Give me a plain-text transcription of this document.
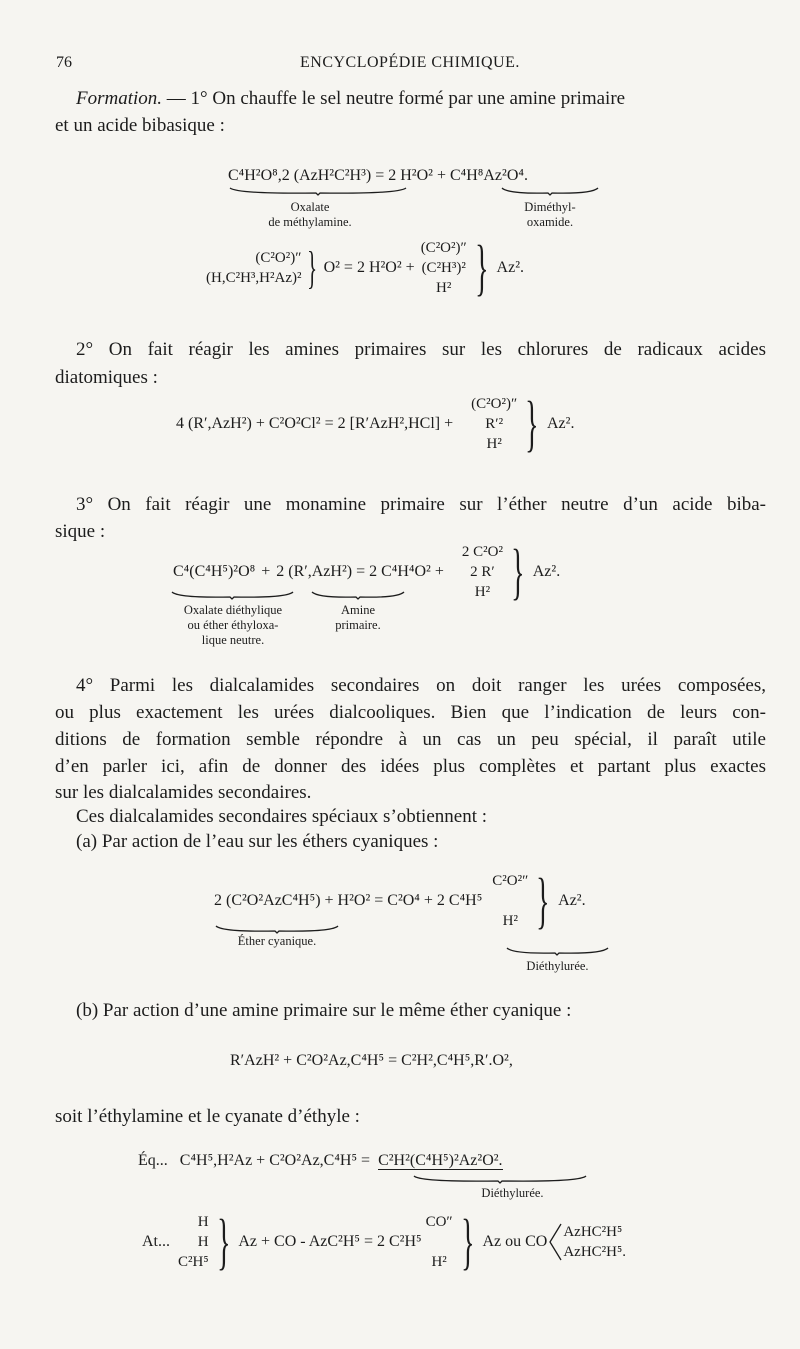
76	ENCYCLOPÉDIE CHIMIQUE.
Formation. — 1° On chauffe le sel neutre formé par une amine primaire
et un acide bibasique :
C⁴H²O⁸,2 (AzH²C²H³) = 2 H²O² + C⁴H⁸Az²O⁴.
Oxalate
de méthylamine.
Diméthyl-
oxamide.
(C²O²)″
(H,C²H³,H²Az)² } O² = 2 H²O² +
(C²O²)″
(C²H³)²
H² } Az².
2° On fait réagir les amines primaires sur les chlorures de radicaux acides
diatomiques :
4 (R′,AzH²) + C²O²Cl² = 2 [R′AzH²,HCl] +
(C²O²)″
R′²
H² } Az².
3° On fait réagir une monamine primaire sur l’éther neutre d’un acide biba-
sique :
C⁴(C⁴H⁵)²O⁸ + 2 (R′,AzH²) = 2 C⁴H⁴O² +
2 C²O²
2 R′
H² } Az².
Oxalate diéthylique
ou éther éthyloxa-
lique neutre.
Amine
primaire.
4° Parmi les dialcalamides secondaires on doit ranger les urées composées,
ou plus exactement les urées dialcooliques. Bien que l’indication de leurs con-
ditions de formation semble répondre à un cas un peu spécial, il paraît utile
d’en parler ici, afin de donner des idées plus complètes et partant plus exactes
sur les dialcalamides secondaires.
Ces dialcalamides secondaires spéciaux s’obtiennent :
(a) Par action de l’eau sur les éthers cyaniques :
2 (C²O²AzC⁴H⁵) + H²O² = C²O⁴ + 2 C⁴H⁵
C²O²″
H² } Az².
Éther cyanique.
Diéthylurée.
(b) Par action d’une amine primaire sur le même éther cyanique :
R′AzH² + C²O²Az,C⁴H⁵ = C²H²,C⁴H⁵,R′.O²,
soit l’éthylamine et le cyanate d’éthyle :
Éq... C⁴H⁵,H²Az + C²O²Az,C⁴H⁵ = C²H²(C⁴H⁵)²Az²O².
Diéthylurée.
At...
H
H
C²H⁵ } Az + CO - AzC²H⁵ = 2 C²H⁵
CO″
H² } Az ou CO
AzHC²H⁵
AzHC²H⁵.
